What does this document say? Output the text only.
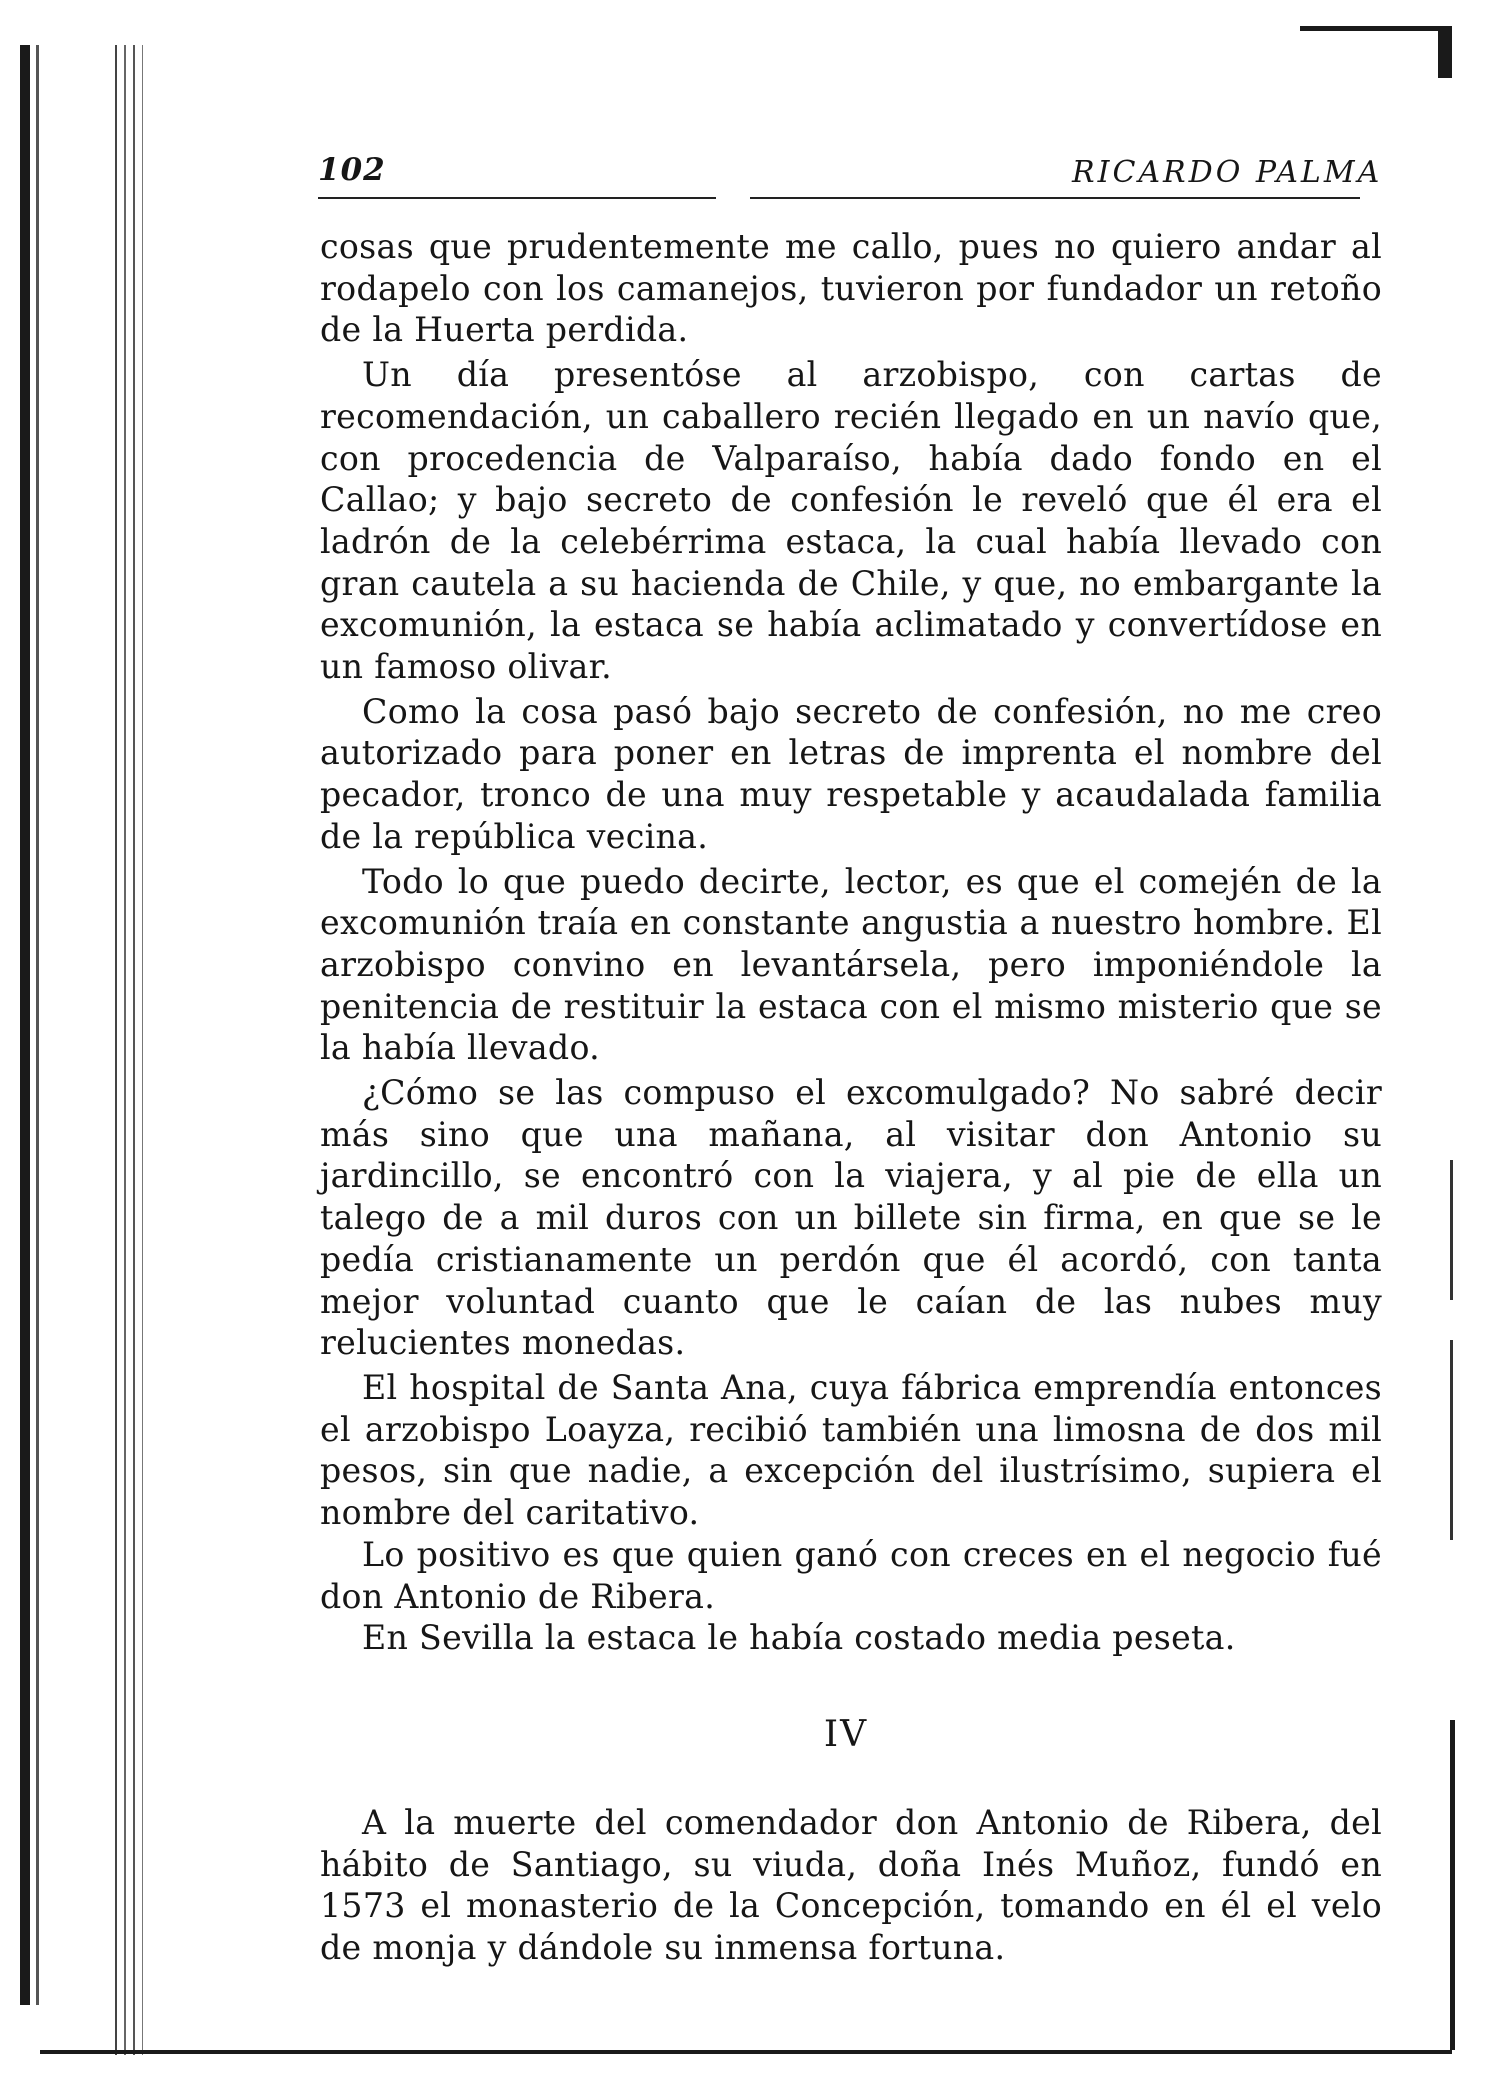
102	RICARDO PALMA

cosas que prudentemente me callo, pues no quiero andar al rodapelo con los camanejos, tuvieron por fundador un retoño de la Huerta perdida.

Un día presentóse al arzobispo, con cartas de recomendación, un caballero recién llegado en un navío que, con procedencia de Valparaíso, había dado fondo en el Callao; y bajo secreto de confesión le reveló que él era el ladrón de la celebérrima estaca, la cual había llevado con gran cautela a su hacienda de Chile, y que, no embargante la excomunión, la estaca se había aclimatado y convertídose en un famoso olivar.

Como la cosa pasó bajo secreto de confesión, no me creo autorizado para poner en letras de imprenta el nombre del pecador, tronco de una muy respetable y acaudalada familia de la república vecina.

Todo lo que puedo decirte, lector, es que el comején de la excomunión traía en constante angustia a nuestro hombre. El arzobispo convino en levantársela, pero imponiéndole la penitencia de restituir la estaca con el mismo misterio que se la había llevado.

¿Cómo se las compuso el excomulgado? No sabré decir más sino que una mañana, al visitar don Antonio su jardincillo, se encontró con la viajera, y al pie de ella un talego de a mil duros con un billete sin firma, en que se le pedía cristianamente un perdón que él acordó, con tanta mejor voluntad cuanto que le caían de las nubes muy relucientes monedas.

El hospital de Santa Ana, cuya fábrica emprendía entonces el arzobispo Loayza, recibió también una limosna de dos mil pesos, sin que nadie, a excepción del ilustrísimo, supiera el nombre del caritativo.

Lo positivo es que quien ganó con creces en el negocio fué don Antonio de Ribera.

En Sevilla la estaca le había costado media peseta.

IV

A la muerte del comendador don Antonio de Ribera, del hábito de Santiago, su viuda, doña Inés Muñoz, fundó en 1573 el monasterio de la Concepción, tomando en él el velo de monja y dándole su inmensa fortuna.
